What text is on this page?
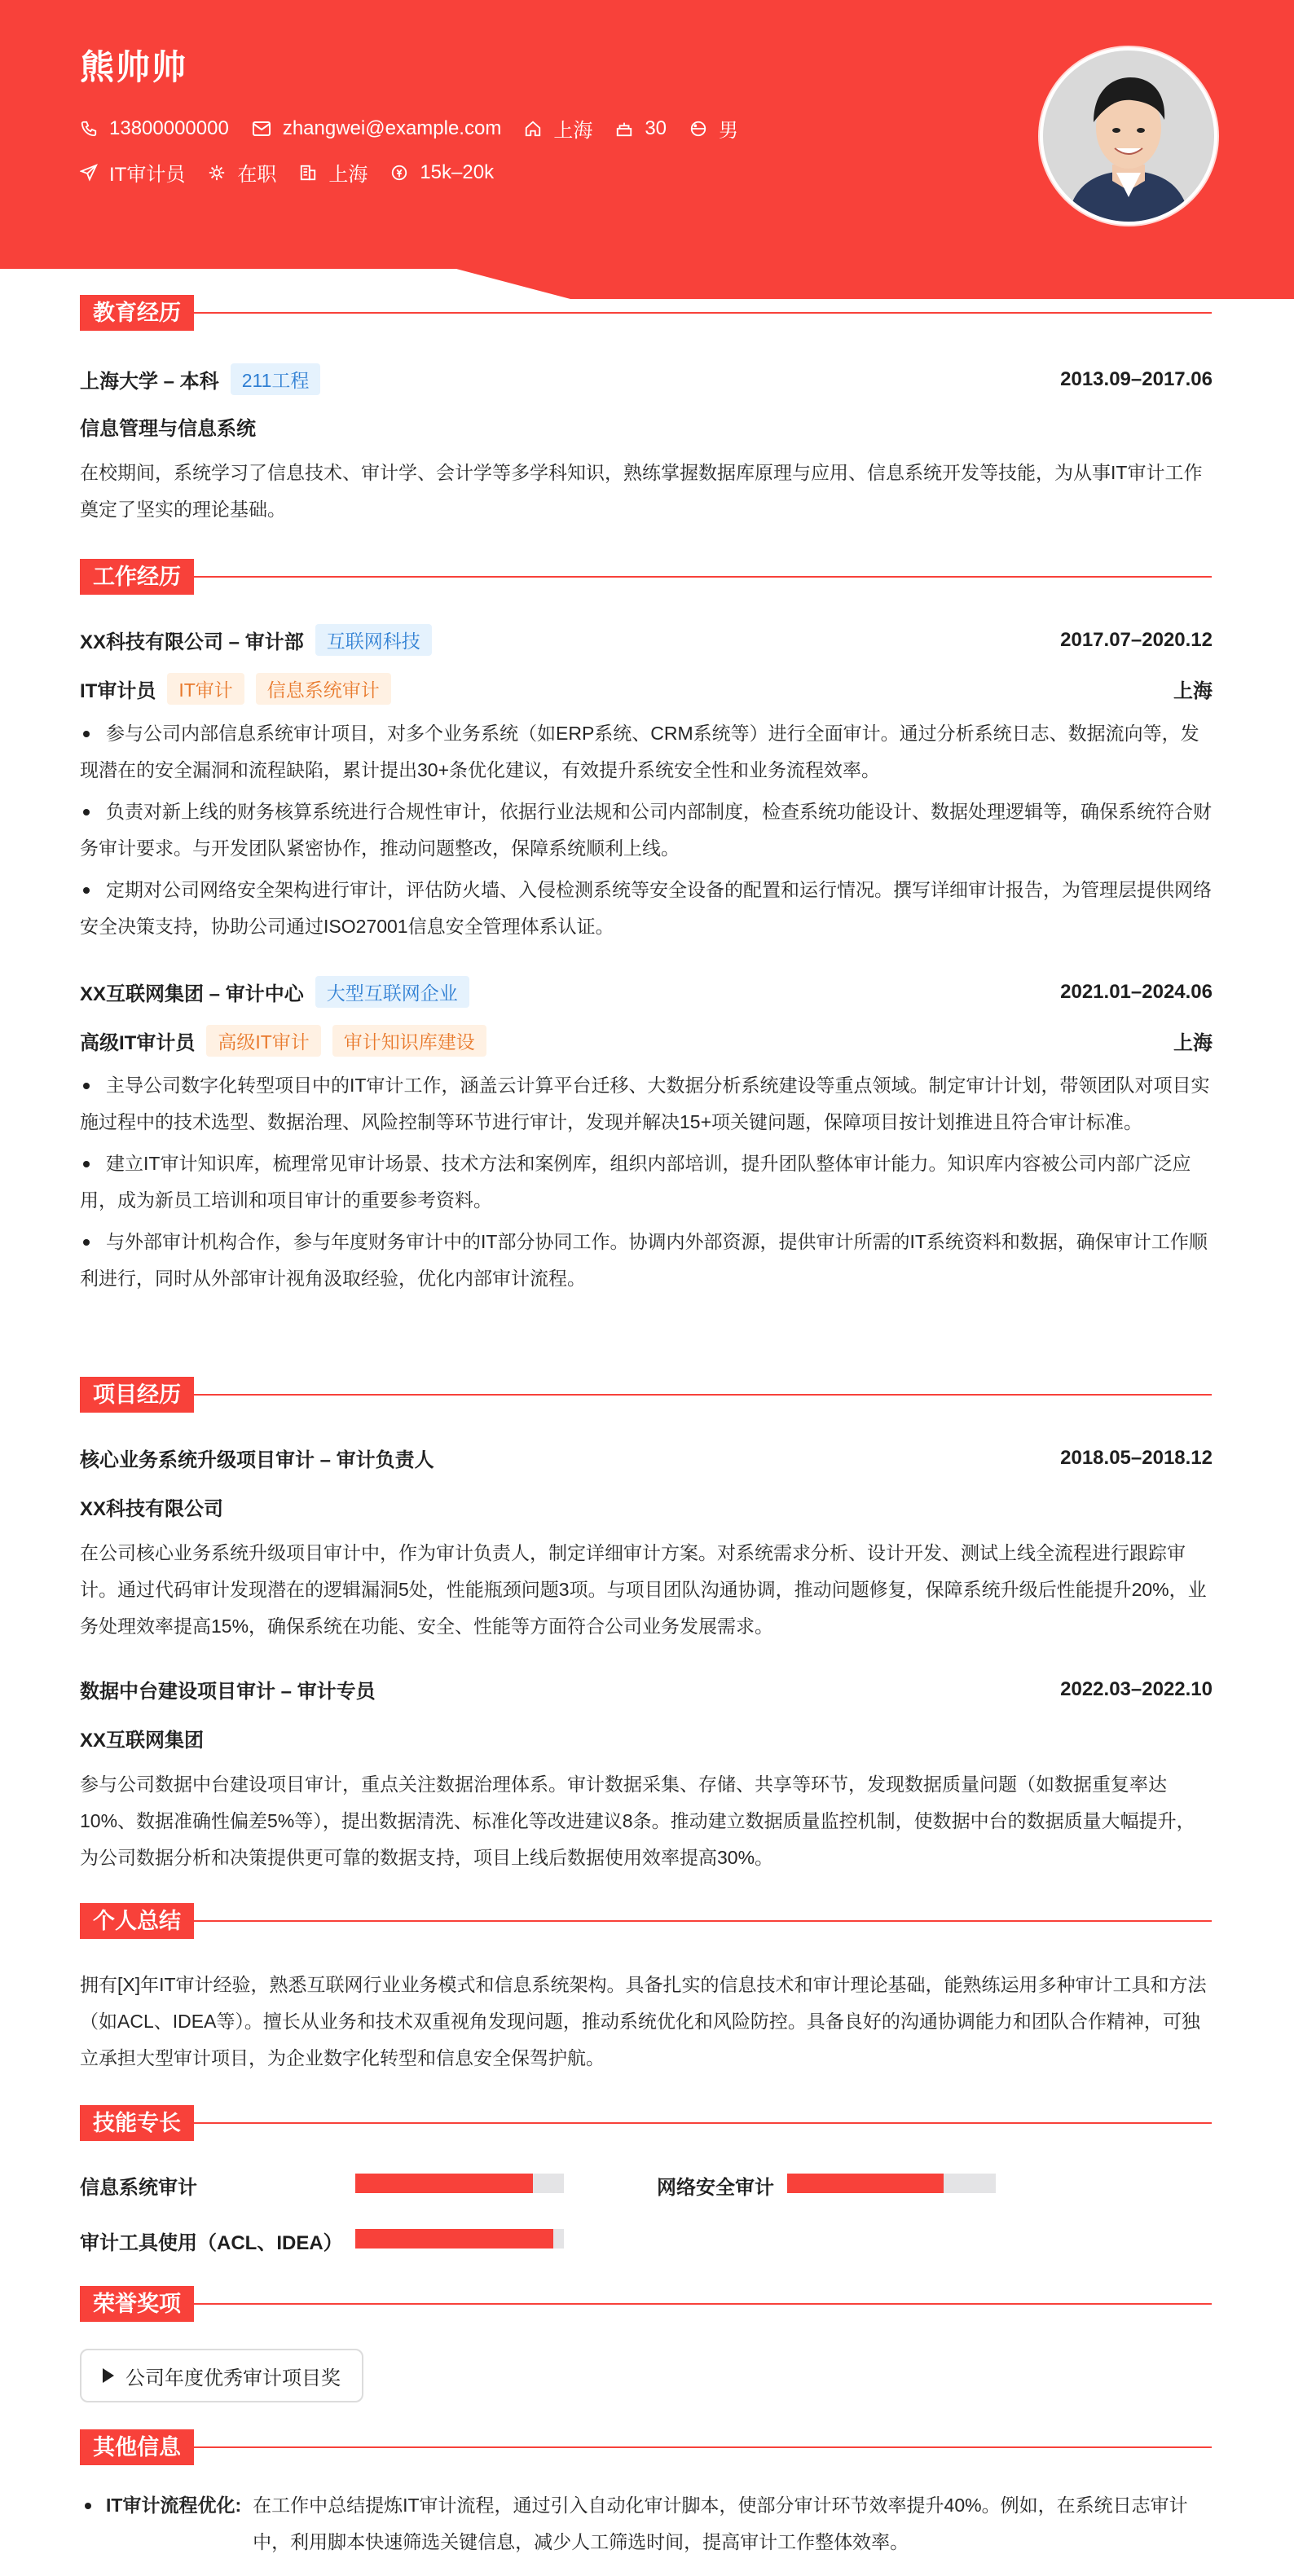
熊帅帅
13800000000	zhangwei@example.com	上海	30	男
IT审计员	在职	上海	15k–20k
教育经历
上海大学 – 本科	211工程	2013.09–2017.06
信息管理与信息系统
在校期间，系统学习了信息技术、审计学、会计学等多学科知识，熟练掌握数据库原理与应用、信息系统开发等技能，为从事IT审计工作奠定了坚实的理论基础。
工作经历
XX科技有限公司 – 审计部	互联网科技	2017.07–2020.12
IT审计员	IT审计	信息系统审计	上海
参与公司内部信息系统审计项目，对多个业务系统（如ERP系统、CRM系统等）进行全面审计。通过分析系统日志、数据流向等，发现潜在的安全漏洞和流程缺陷，累计提出30+条优化建议，有效提升系统安全性和业务流程效率。
负责对新上线的财务核算系统进行合规性审计，依据行业法规和公司内部制度，检查系统功能设计、数据处理逻辑等，确保系统符合财务审计要求。与开发团队紧密协作，推动问题整改，保障系统顺利上线。
定期对公司网络安全架构进行审计，评估防火墙、入侵检测系统等安全设备的配置和运行情况。撰写详细审计报告，为管理层提供网络安全决策支持，协助公司通过ISO27001信息安全管理体系认证。
XX互联网集团 – 审计中心	大型互联网企业	2021.01–2024.06
高级IT审计员	高级IT审计	审计知识库建设	上海
主导公司数字化转型项目中的IT审计工作，涵盖云计算平台迁移、大数据分析系统建设等重点领域。制定审计计划，带领团队对项目实施过程中的技术选型、数据治理、风险控制等环节进行审计，发现并解决15+项关键问题，保障项目按计划推进且符合审计标准。
建立IT审计知识库，梳理常见审计场景、技术方法和案例库，组织内部培训，提升团队整体审计能力。知识库内容被公司内部广泛应用，成为新员工培训和项目审计的重要参考资料。
与外部审计机构合作，参与年度财务审计中的IT部分协同工作。协调内外部资源，提供审计所需的IT系统资料和数据，确保审计工作顺利进行，同时从外部审计视角汲取经验，优化内部审计流程。
项目经历
核心业务系统升级项目审计 – 审计负责人	2018.05–2018.12
XX科技有限公司
在公司核心业务系统升级项目审计中，作为审计负责人，制定详细审计方案。对系统需求分析、设计开发、测试上线全流程进行跟踪审计。通过代码审计发现潜在的逻辑漏洞5处，性能瓶颈问题3项。与项目团队沟通协调，推动问题修复，保障系统升级后性能提升20%，业务处理效率提高15%，确保系统在功能、安全、性能等方面符合公司业务发展需求。
数据中台建设项目审计 – 审计专员	2022.03–2022.10
XX互联网集团
参与公司数据中台建设项目审计，重点关注数据治理体系。审计数据采集、存储、共享等环节，发现数据质量问题（如数据重复率达10%、数据准确性偏差5%等），提出数据清洗、标准化等改进建议8条。推动建立数据质量监控机制，使数据中台的数据质量大幅提升，为公司数据分析和决策提供更可靠的数据支持，项目上线后数据使用效率提高30%。
个人总结
拥有[X]年IT审计经验，熟悉互联网行业业务模式和信息系统架构。具备扎实的信息技术和审计理论基础，能熟练运用多种审计工具和方法（如ACL、IDEA等）。擅长从业务和技术双重视角发现问题，推动系统优化和风险防控。具备良好的沟通协调能力和团队合作精神，可独立承担大型审计项目，为企业数字化转型和信息安全保驾护航。
技能专长
信息系统审计	网络安全审计
审计工具使用（ACL、IDEA）
荣誉奖项
公司年度优秀审计项目奖
其他信息
IT审计流程优化: 在工作中总结提炼IT审计流程，通过引入自动化审计脚本，使部分审计环节效率提升40%。例如，在系统日志审计中，利用脚本快速筛选关键信息，减少人工筛选时间，提高审计工作整体效率。
